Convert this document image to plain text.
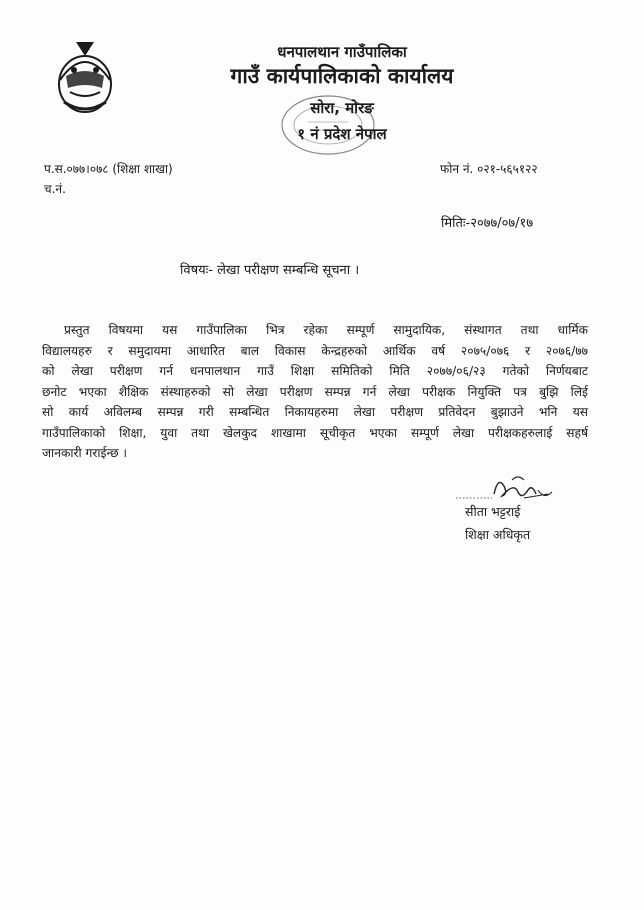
धनपालथान गाउँपालिका
गाउँ कार्यपालिकाको कार्यालय
सोरा, मोरङ
१ नं प्रदेश नेपाल
प.स.०७७।०७८ (शिक्षा शाखा)
च.नं.
फोन नं. ०२१-५६५१२२
मितिः-२०७७/०७/१७
विषयः- लेखा परीक्षण सम्बन्धि सूचना ।
प्रस्तुत विषयमा यस गाउँपालिका भित्र रहेका सम्पूर्ण सामुदायिक, संस्थागत तथा धार्मिक
विद्यालयहरु र समुदायमा आधारित बाल विकास केन्द्रहरुको आर्थिक वर्ष २०७५/०७६ र २०७६/७७
को लेखा परीक्षण गर्न धनपालथान गाउँ शिक्षा समितिको मिति २०७७/०६/२३ गतेको निर्णयबाट
छनोट भएका शैक्षिक संस्थाहरुको सो लेखा परीक्षण सम्पन्न गर्न लेखा परीक्षक नियुक्ति पत्र बुझि लिई
सो कार्य अविलम्ब सम्पन्न गरी सम्बन्धित निकायहरुमा लेखा परीक्षण प्रतिवेदन बुझाउने भनि यस
गाउँपालिकाको शिक्षा, युवा तथा खेलकुद शाखामा सूचीकृत भएका सम्पूर्ण लेखा परीक्षकहरुलाई सहर्ष
जानकारी गराईन्छ ।
सीता भट्टराई
शिक्षा अधिकृत
